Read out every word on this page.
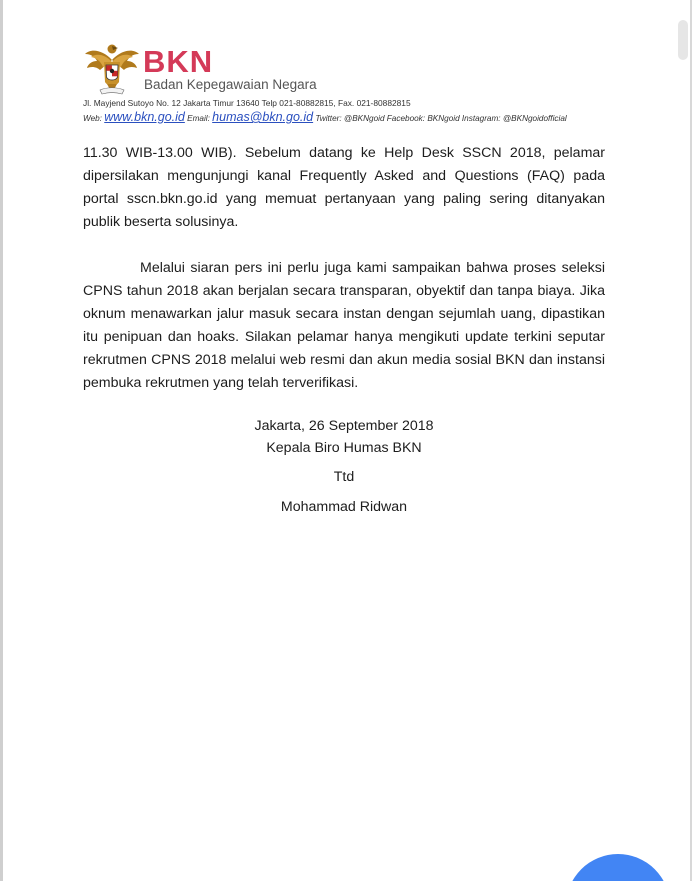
BKN
Badan Kepegawaian Negara
Jl. Mayjend Sutoyo No. 12 Jakarta Timur 13640 Telp 021-80882815, Fax. 021-80882815
Web: www.bkn.go.id Email: humas@bkn.go.id Twitter: @BKNgoid Facebook: BKNgoid Instagram: @BKNgoidofficial

11.30 WIB-13.00 WIB). Sebelum datang ke Help Desk SSCN 2018, pelamar dipersilakan mengunjungi kanal Frequently Asked and Questions (FAQ) pada portal sscn.bkn.go.id yang memuat pertanyaan yang paling sering ditanyakan publik beserta solusinya.

Melalui siaran pers ini perlu juga kami sampaikan bahwa proses seleksi CPNS tahun 2018 akan berjalan secara transparan, obyektif dan tanpa biaya. Jika oknum menawarkan jalur masuk secara instan dengan sejumlah uang, dipastikan itu penipuan dan hoaks. Silakan pelamar hanya mengikuti update terkini seputar rekrutmen CPNS 2018 melalui web resmi dan akun media sosial BKN dan instansi pembuka rekrutmen yang telah terverifikasi.

Jakarta, 26 September 2018
Kepala Biro Humas BKN
Ttd
Mohammad Ridwan
